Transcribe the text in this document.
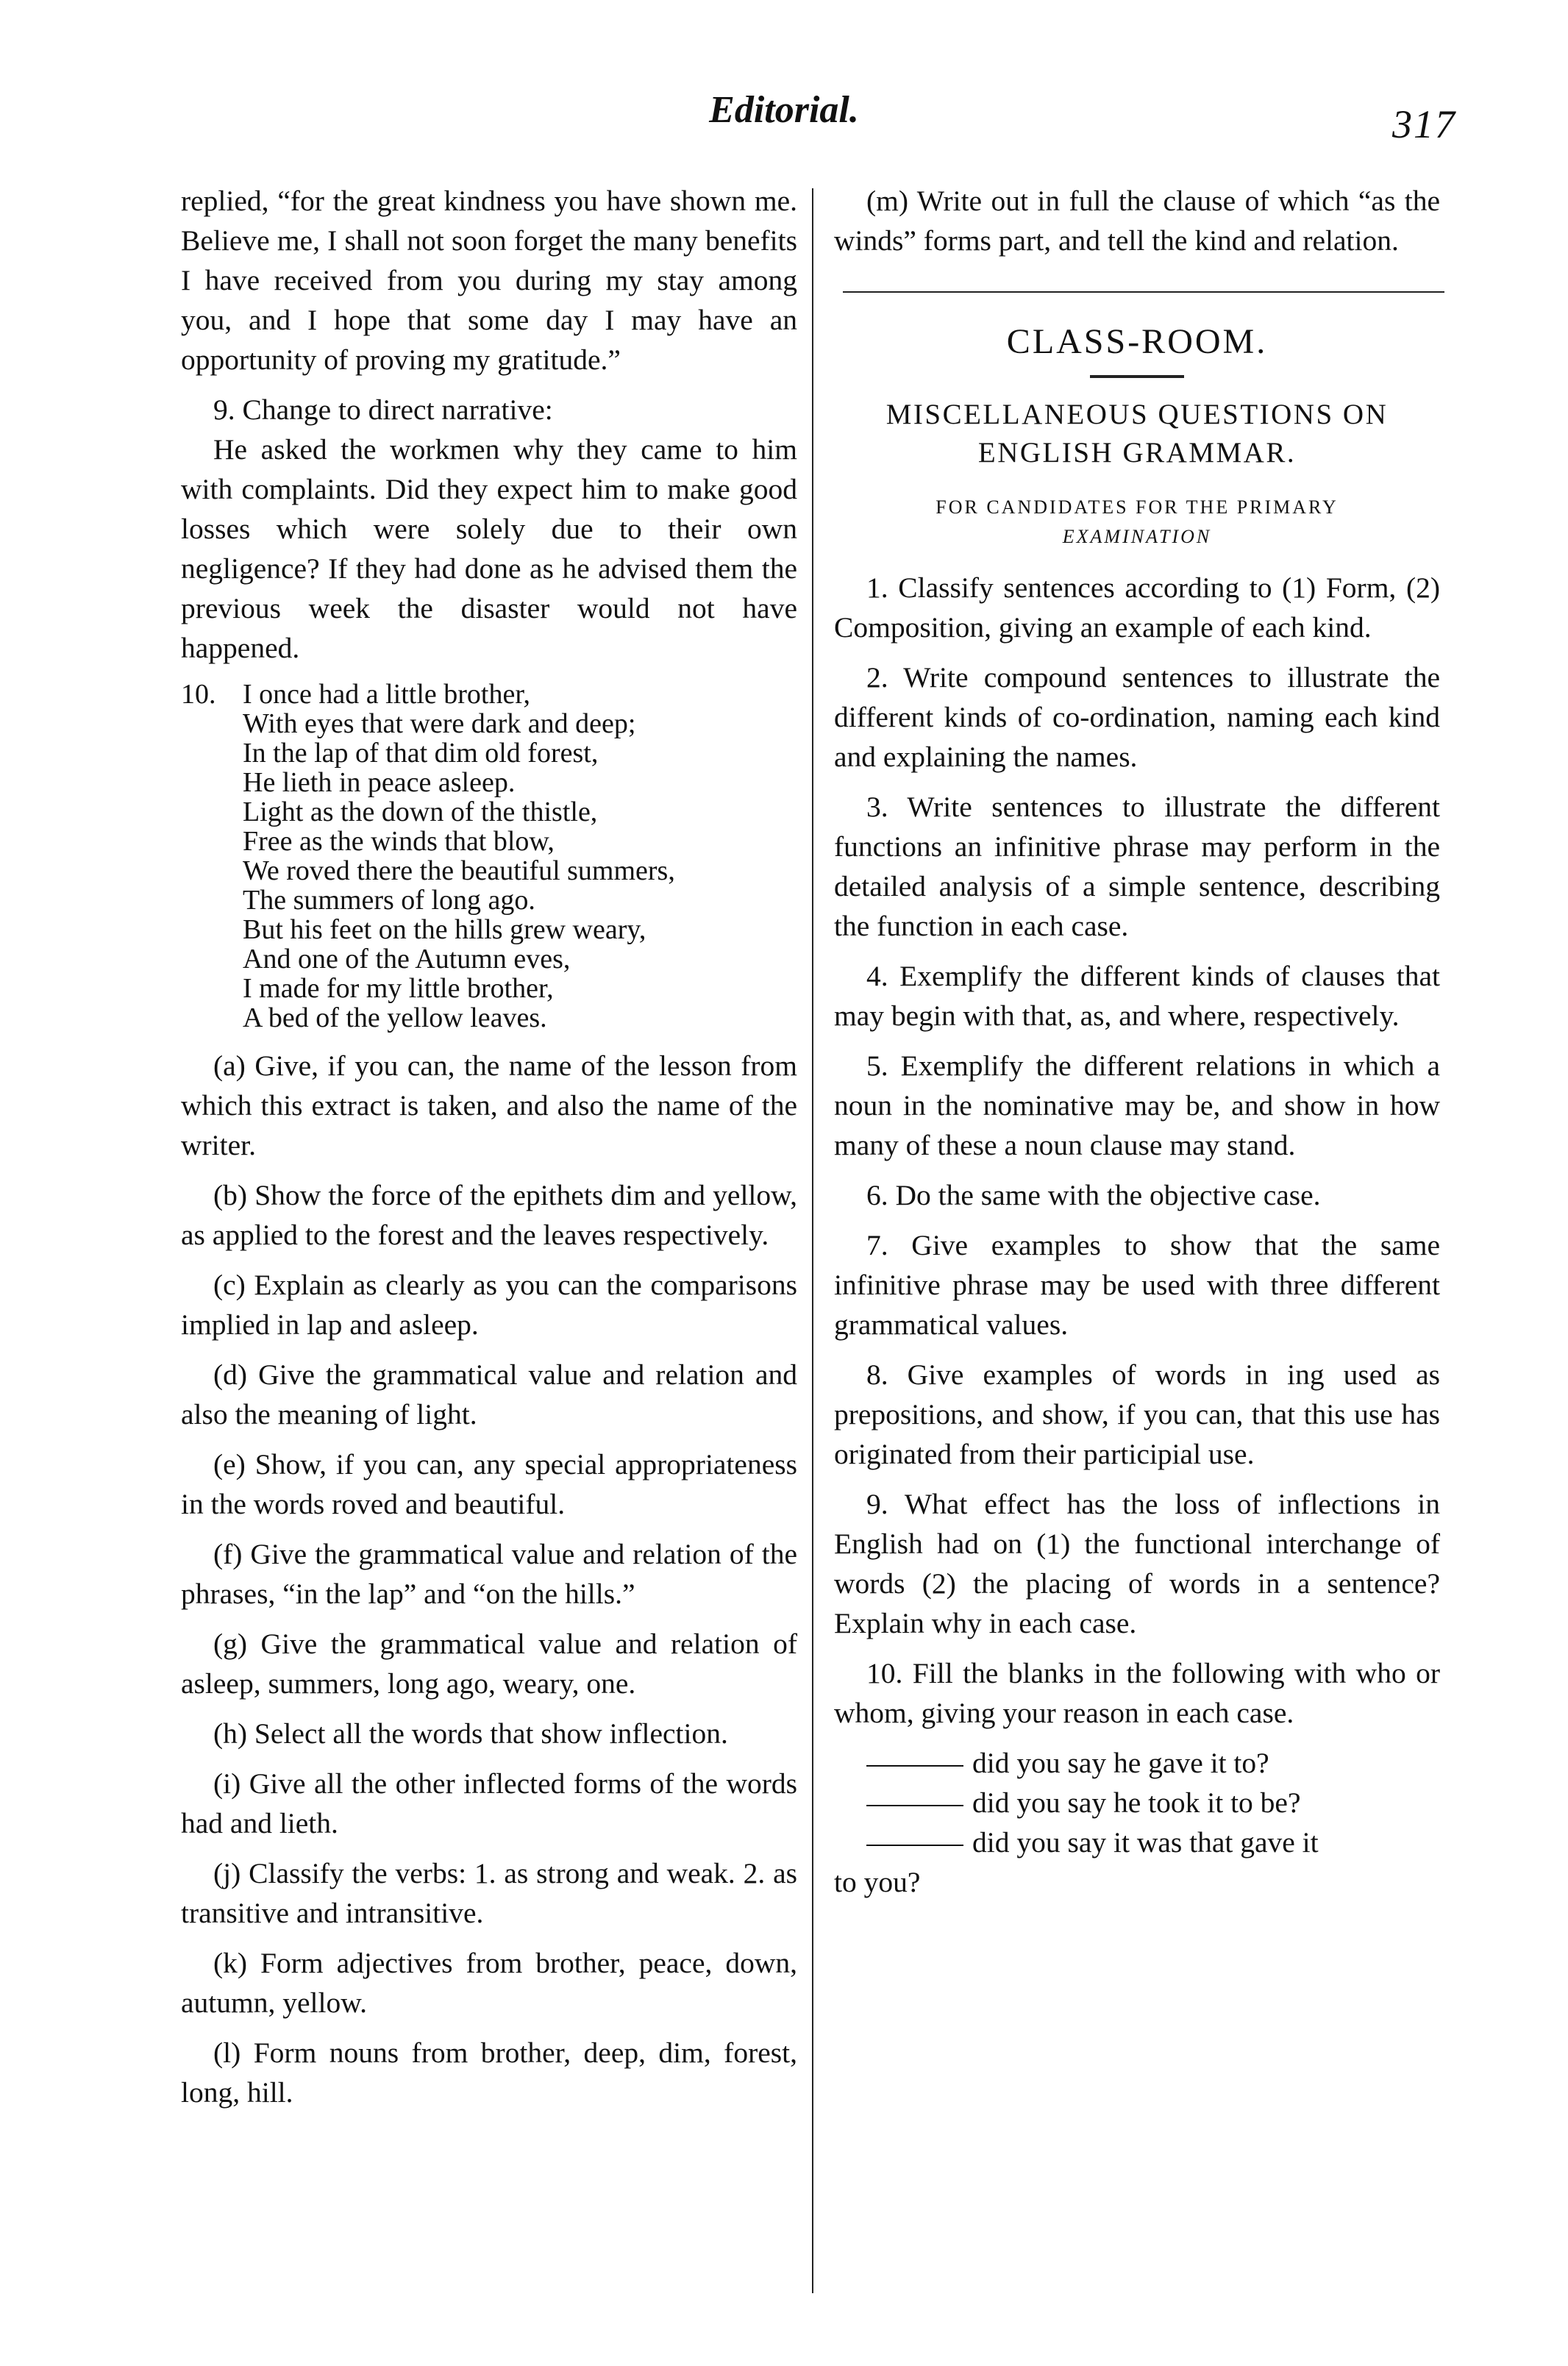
Editorial.	317

replied, “for the great kindness you have shown me. Believe me, I shall not soon forget the many benefits I have received from you during my stay among you, and I hope that some day I may have an opportunity of proving my gratitude.”

9. Change to direct narrative:

He asked the workmen why they came to him with complaints. Did they expect him to make good losses which were solely due to their own negligence? If they had done as he advised them the previous week the disaster would not have happened.

10. I once had a little brother,
With eyes that were dark and deep;
In the lap of that dim old forest,
He lieth in peace asleep.
Light as the down of the thistle,
Free as the winds that blow,
We roved there the beautiful summers,
The summers of long ago.
But his feet on the hills grew weary,
And one of the Autumn eves,
I made for my little brother,
A bed of the yellow leaves.

(a) Give, if you can, the name of the lesson from which this extract is taken, and also the name of the writer.

(b) Show the force of the epithets dim and yellow, as applied to the forest and the leaves respectively.

(c) Explain as clearly as you can the comparisons implied in lap and asleep.

(d) Give the grammatical value and relation and also the meaning of light.

(e) Show, if you can, any special appropriateness in the words roved and beautiful.

(f) Give the grammatical value and relation of the phrases, “in the lap” and “on the hills.”

(g) Give the grammatical value and relation of asleep, summers, long ago, weary, one.

(h) Select all the words that show inflection.

(i) Give all the other inflected forms of the words had and lieth.

(j) Classify the verbs: 1. as strong and weak. 2. as transitive and intransitive.

(k) Form adjectives from brother, peace, down, autumn, yellow.

(l) Form nouns from brother, deep, dim, forest, long, hill.

(m) Write out in full the clause of which “as the winds” forms part, and tell the kind and relation.

CLASS-ROOM.
MISCELLANEOUS QUESTIONS ON ENGLISH GRAMMAR.
FOR CANDIDATES FOR THE PRIMARY
EXAMINATION

1. Classify sentences according to (1) Form, (2) Composition, giving an example of each kind.

2. Write compound sentences to illustrate the different kinds of co-ordination, naming each kind and explaining the names.

3. Write sentences to illustrate the different functions an infinitive phrase may perform in the detailed analysis of a simple sentence, describing the function in each case.

4. Exemplify the different kinds of clauses that may begin with that, as, and where, respectively.

5. Exemplify the different relations in which a noun in the nominative may be, and show in how many of these a noun clause may stand.

6. Do the same with the objective case.

7. Give examples to show that the same infinitive phrase may be used with three different grammatical values.

8. Give examples of words in ing used as prepositions, and show, if you can, that this use has originated from their participial use.

9. What effect has the loss of inflections in English had on (1) the functional interchange of words (2) the placing of words in a sentence? Explain why in each case.

10. Fill the blanks in the following with who or whom, giving your reason in each case.

did you say he gave it to?
did you say he took it to be?
did you say it was that gave it

to you?
